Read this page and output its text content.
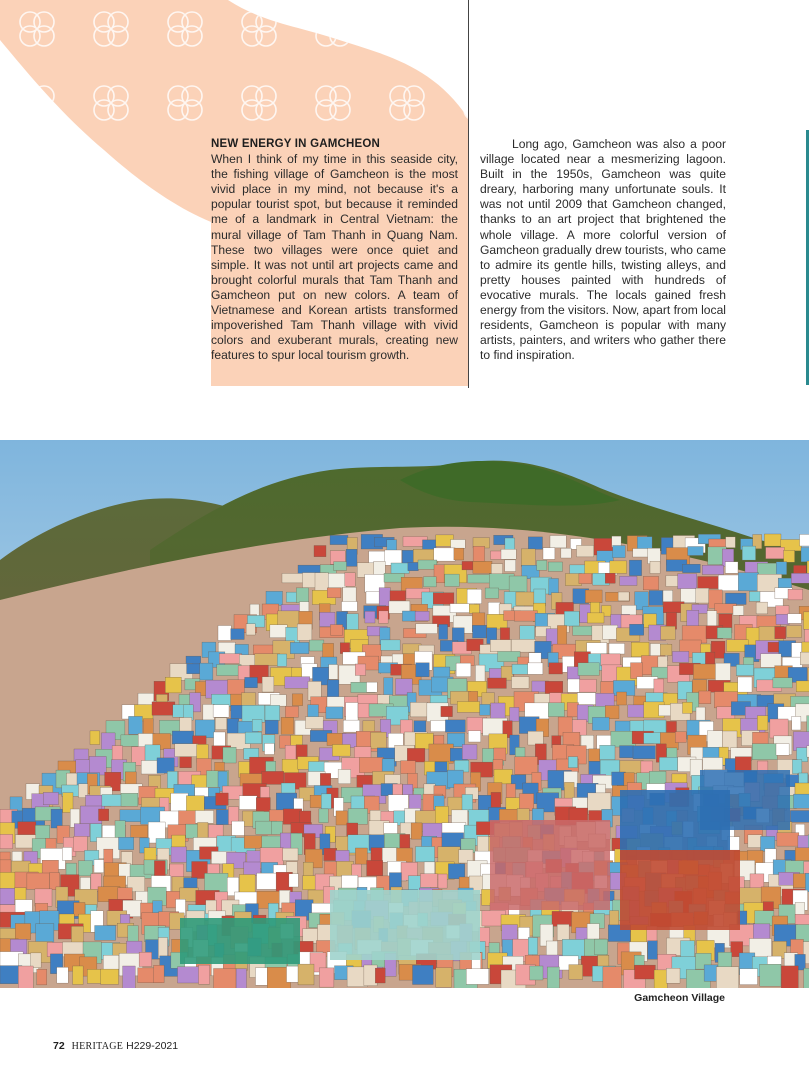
NEW ENERGY IN GAMCHEON

When I think of my time in this seaside city, the fishing village of Gamcheon is the most vivid place in my mind, not because it's a popular tourist spot, but because it reminded me of a landmark in Central Vietnam: the mural village of Tam Thanh in Quang Nam. These two villages were once quiet and simple. It was not until art projects came and brought colorful murals that Tam Thanh and Gamcheon put on new colors. A team of Vietnamese and Korean artists transformed impoverished Tam Thanh village with vivid colors and exuberant murals, creating new features to spur local tourism growth.

Long ago, Gamcheon was also a poor village located near a mesmerizing lagoon. Built in the 1950s, Gamcheon was quite dreary, harboring many unfortunate souls. It was not until 2009 that Gamcheon changed, thanks to an art project that brightened the whole village. A more colorful version of Gamcheon gradually drew tourists, who came to admire its gentle hills, twisting alleys, and pretty houses painted with hundreds of evocative murals. The locals gained fresh energy from the visitors. Now, apart from local residents, Gamcheon is popular with many artists, painters, and writers who gather there to find inspiration.

Gamcheon Village
72 HERITAGE H229-2021
